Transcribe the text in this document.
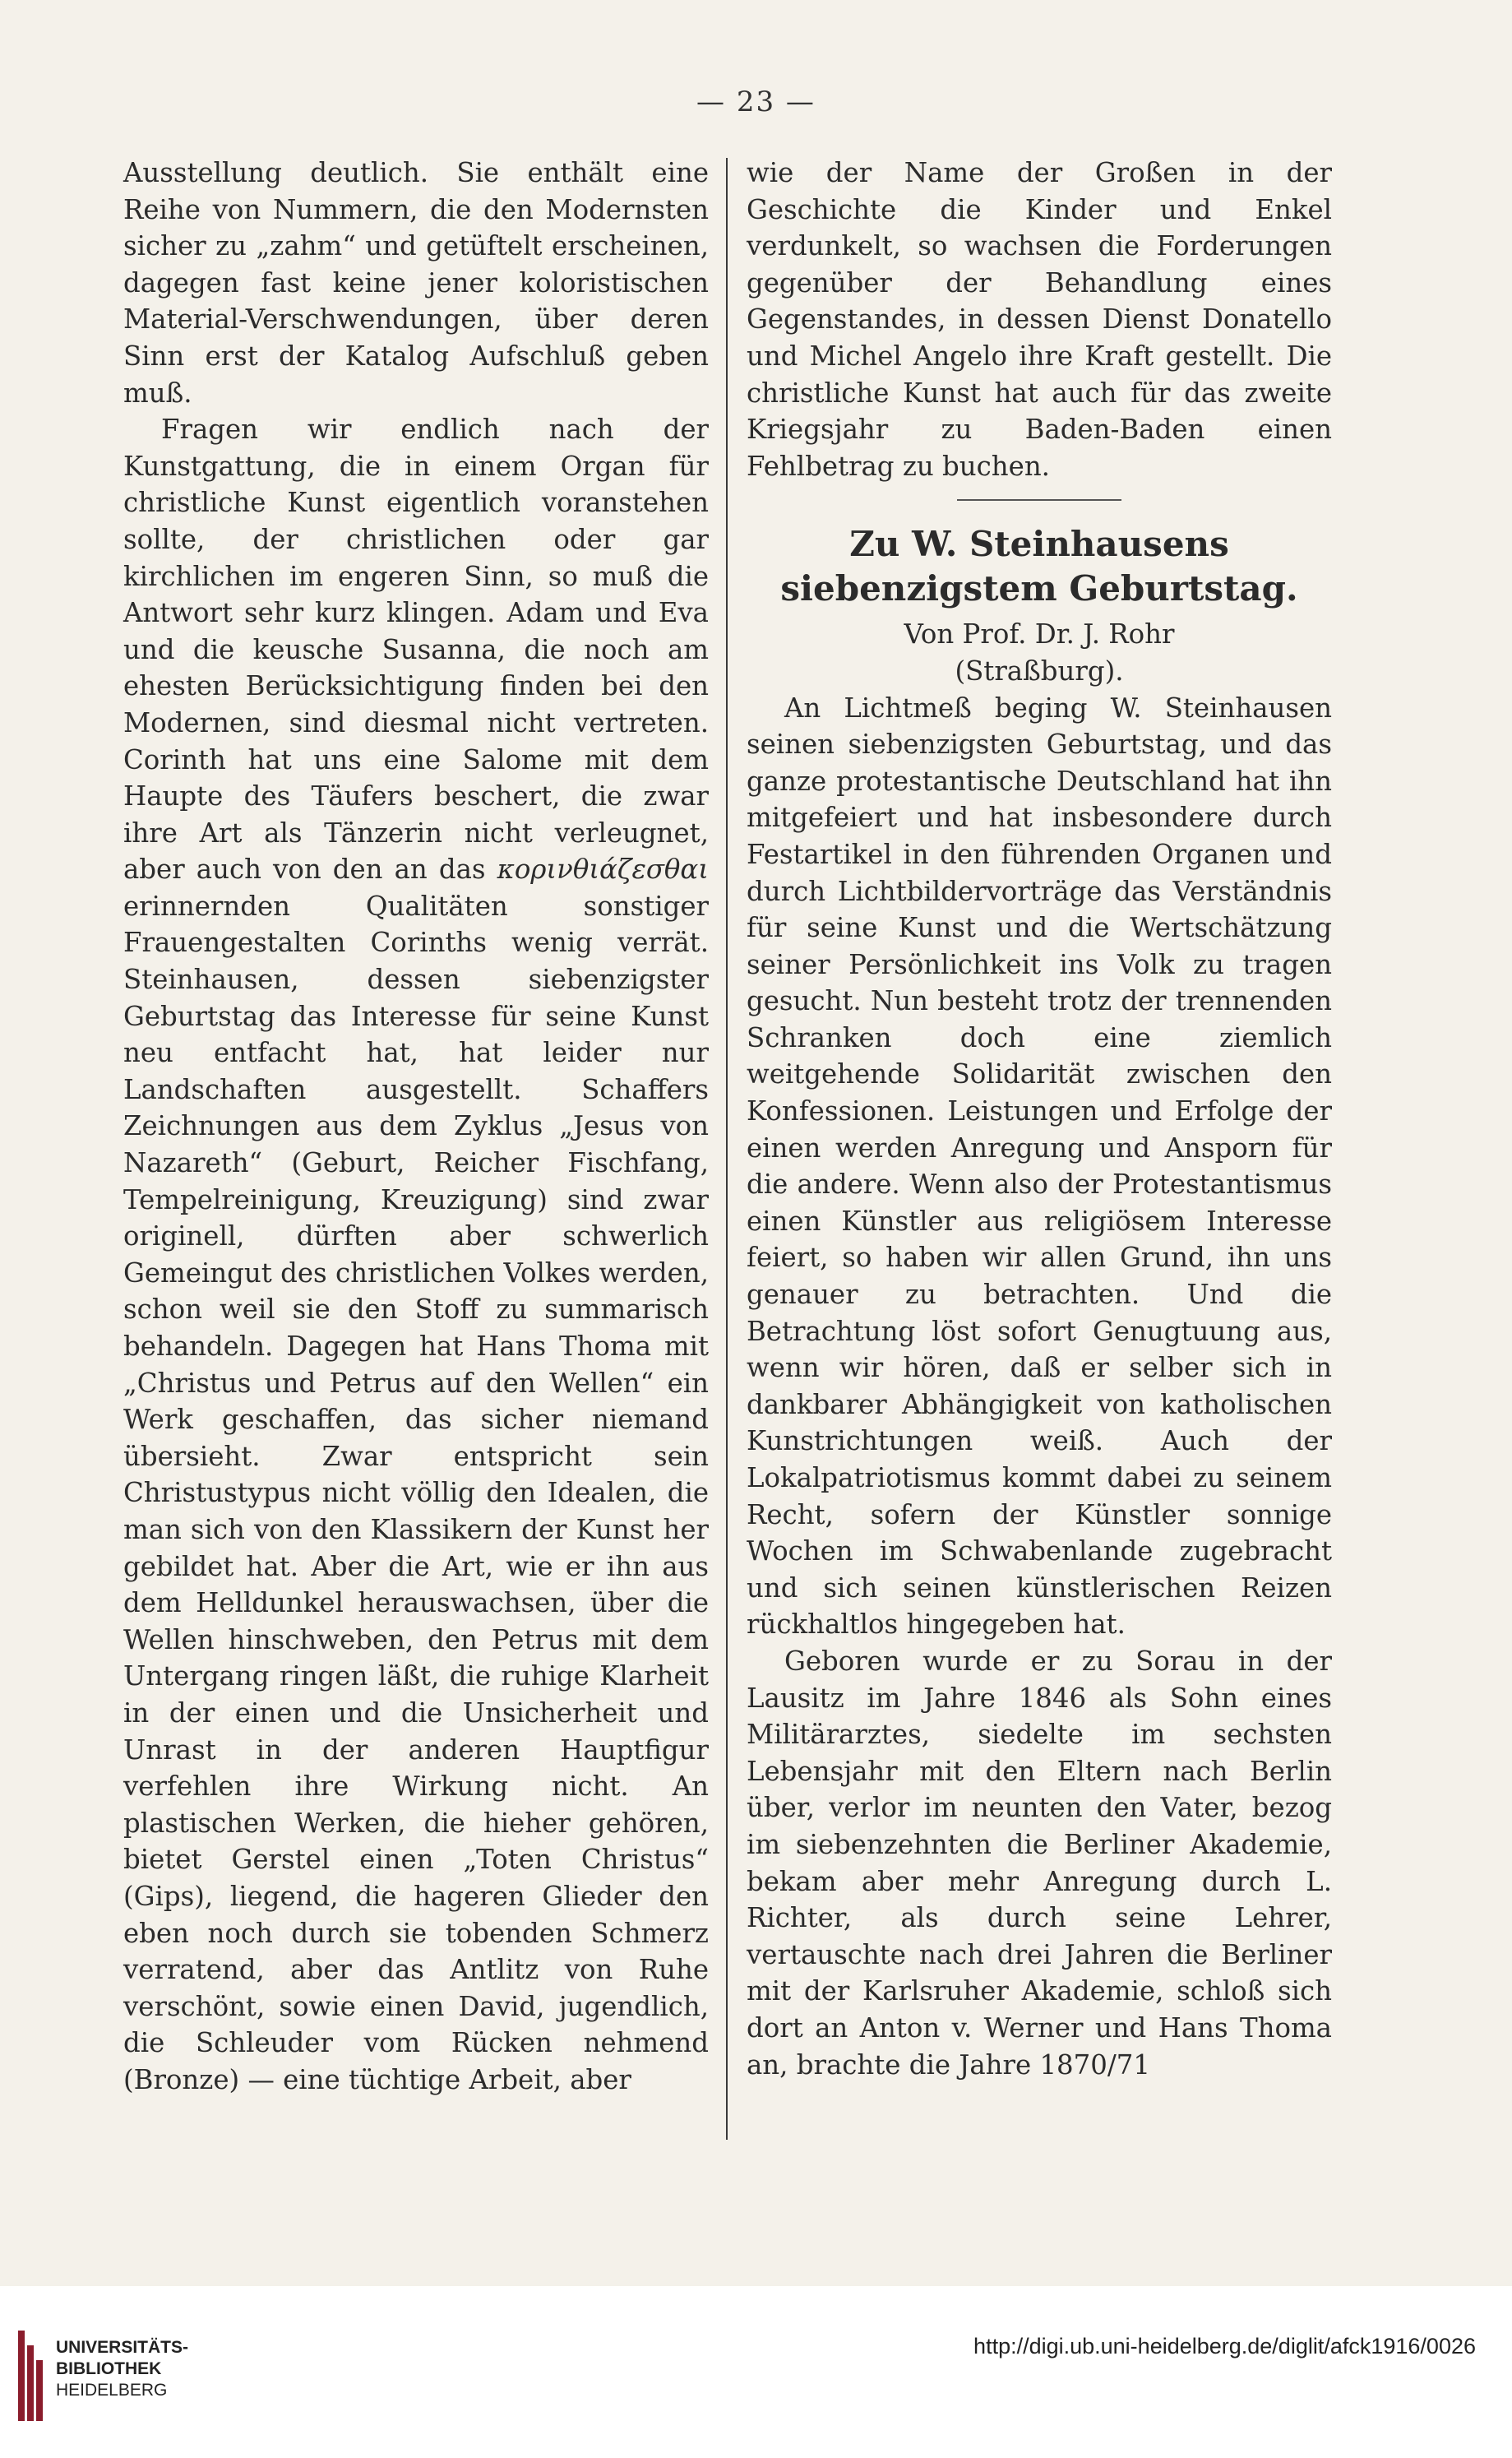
— 23 —

Ausstellung deutlich. Sie enthält eine Reihe von Nummern, die den Modernsten sicher zu „zahm“ und getüftelt erscheinen, dagegen fast keine jener koloristischen Material-Verschwendungen, über deren Sinn erst der Katalog Aufschluß geben muß.

Fragen wir endlich nach der Kunstgattung, die in einem Organ für christliche Kunst eigentlich voranstehen sollte, der christlichen oder gar kirchlichen im engeren Sinn, so muß die Antwort sehr kurz klingen. Adam und Eva und die keusche Susanna, die noch am ehesten Berücksichtigung finden bei den Modernen, sind diesmal nicht vertreten. Corinth hat uns eine Salome mit dem Haupte des Täufers beschert, die zwar ihre Art als Tänzerin nicht verleugnet, aber auch von den an das κορινθιάζεσθαι erinnernden Qualitäten sonstiger Frauengestalten Corinths wenig verrät. Steinhausen, dessen siebenzigster Geburtstag das Interesse für seine Kunst neu entfacht hat, hat leider nur Landschaften ausgestellt. Schaffers Zeichnungen aus dem Zyklus „Jesus von Nazareth“ (Geburt, Reicher Fischfang, Tempelreinigung, Kreuzigung) sind zwar originell, dürften aber schwerlich Gemeingut des christlichen Volkes werden, schon weil sie den Stoff zu summarisch behandeln. Dagegen hat Hans Thoma mit „Christus und Petrus auf den Wellen“ ein Werk geschaffen, das sicher niemand übersieht. Zwar entspricht sein Christustypus nicht völlig den Idealen, die man sich von den Klassikern der Kunst her gebildet hat. Aber die Art, wie er ihn aus dem Helldunkel herauswachsen, über die Wellen hinschweben, den Petrus mit dem Untergang ringen läßt, die ruhige Klarheit in der einen und die Unsicherheit und Unrast in der anderen Hauptfigur verfehlen ihre Wirkung nicht. An plastischen Werken, die hieher gehören, bietet Gerstel einen „Toten Christus“ (Gips), liegend, die hageren Glieder den eben noch durch sie tobenden Schmerz verratend, aber das Antlitz von Ruhe verschönt, sowie einen David, jugendlich, die Schleuder vom Rücken nehmend (Bronze) — eine tüchtige Arbeit, aber

wie der Name der Großen in der Geschichte die Kinder und Enkel verdunkelt, so wachsen die Forderungen gegenüber der Behandlung eines Gegenstandes, in dessen Dienst Donatello und Michel Angelo ihre Kraft gestellt. Die christliche Kunst hat auch für das zweite Kriegsjahr zu Baden-Baden einen Fehlbetrag zu buchen.

Zu W. Steinhausens siebenzigstem Geburtstag.

Von Prof. Dr. J. Rohr

(Straßburg).

An Lichtmeß beging W. Steinhausen seinen siebenzigsten Geburtstag, und das ganze protestantische Deutschland hat ihn mitgefeiert und hat insbesondere durch Festartikel in den führenden Organen und durch Lichtbildervorträge das Verständnis für seine Kunst und die Wertschätzung seiner Persönlichkeit ins Volk zu tragen gesucht. Nun besteht trotz der trennenden Schranken doch eine ziemlich weitgehende Solidarität zwischen den Konfessionen. Leistungen und Erfolge der einen werden Anregung und Ansporn für die andere. Wenn also der Protestantismus einen Künstler aus religiösem Interesse feiert, so haben wir allen Grund, ihn uns genauer zu betrachten. Und die Betrachtung löst sofort Genugtuung aus, wenn wir hören, daß er selber sich in dankbarer Abhängigkeit von katholischen Kunstrichtungen weiß. Auch der Lokalpatriotismus kommt dabei zu seinem Recht, sofern der Künstler sonnige Wochen im Schwabenlande zugebracht und sich seinen künstlerischen Reizen rückhaltlos hingegeben hat.

Geboren wurde er zu Sorau in der Lausitz im Jahre 1846 als Sohn eines Militärarztes, siedelte im sechsten Lebensjahr mit den Eltern nach Berlin über, verlor im neunten den Vater, bezog im siebenzehnten die Berliner Akademie, bekam aber mehr Anregung durch L. Richter, als durch seine Lehrer, vertauschte nach drei Jahren die Berliner mit der Karlsruher Akademie, schloß sich dort an Anton v. Werner und Hans Thoma an, brachte die Jahre 1870/71

UNIVERSITÄTS-
BIBLIOTHEK
HEIDELBERG
http://digi.ub.uni-heidelberg.de/diglit/afck1916/0026
